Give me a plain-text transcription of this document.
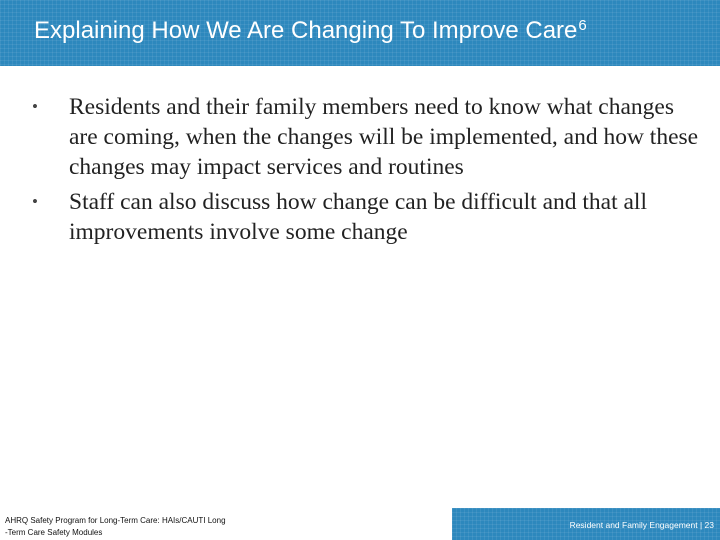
Explaining How We Are Changing To Improve Care$^6$
•	Residents and their family members need to know what changes are coming, when the changes will be implemented, and how these changes may impact services and routines
•	Staff can also discuss how change can be difficult and that all improvements involve some change
AHRQ Safety Program for Long-Term Care: HAIs/CAUTI Long
-Term Care Safety Modules
Resident and Family Engagement | 23
